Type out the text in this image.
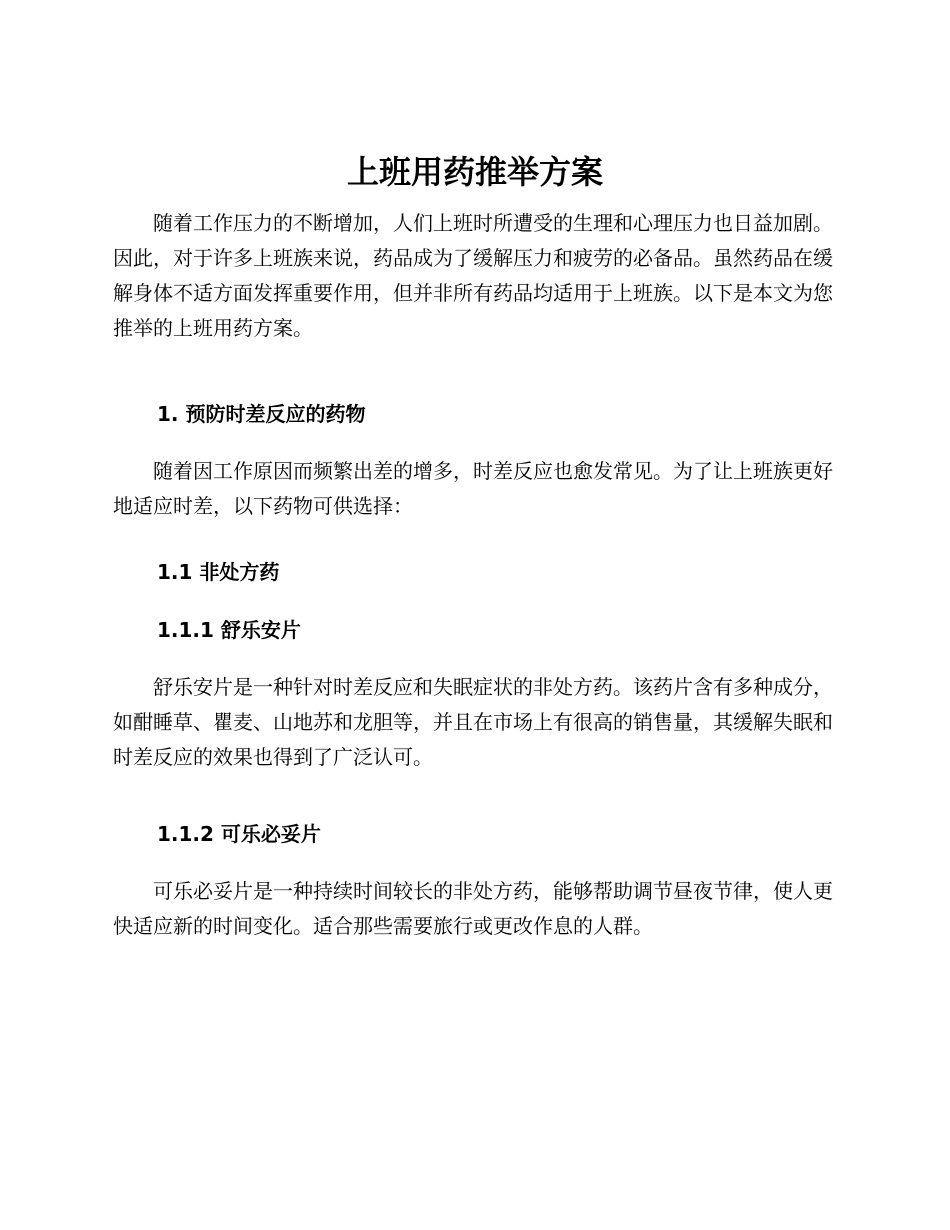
上班用药推举方案

随着工作压力的不断增加，人们上班时所遭受的生理和心理压力也日益加剧。因此，对于许多上班族来说，药品成为了缓解压力和疲劳的必备品。虽然药品在缓解身体不适方面发挥重要作用，但并非所有药品均适用于上班族。以下是本文为您推举的上班用药方案。

1. 预防时差反应的药物

随着因工作原因而频繁出差的增多，时差反应也愈发常见。为了让上班族更好地适应时差，以下药物可供选择：

1.1 非处方药
1.1.1 舒乐安片

舒乐安片是一种针对时差反应和失眠症状的非处方药。该药片含有多种成分，如酣睡草、瞿麦、山地苏和龙胆等，并且在市场上有很高的销售量，其缓解失眠和时差反应的效果也得到了广泛认可。

1.1.2 可乐必妥片

可乐必妥片是一种持续时间较长的非处方药，能够帮助调节昼夜节律，使人更快适应新的时间变化。适合那些需要旅行或更改作息的人群。
